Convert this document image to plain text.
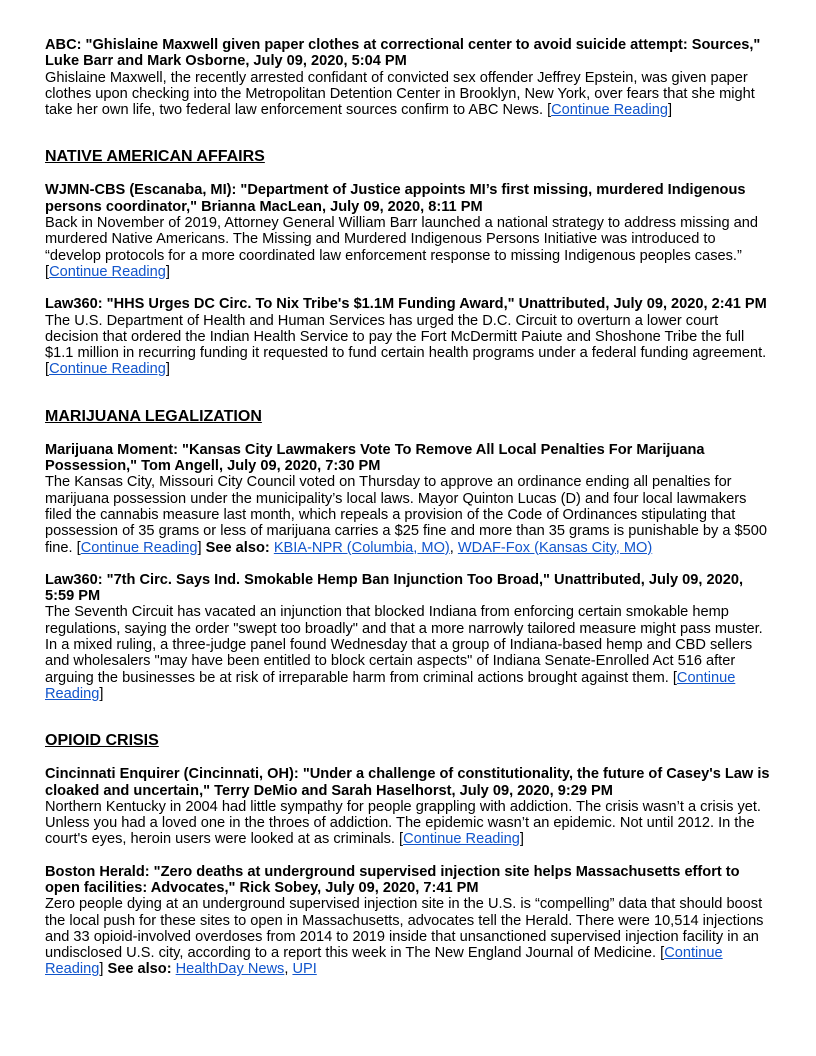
ABC: "Ghislaine Maxwell given paper clothes at correctional center to avoid suicide attempt: Sources," Luke Barr and Mark Osborne, July 09, 2020, 5:04 PM
Ghislaine Maxwell, the recently arrested confidant of convicted sex offender Jeffrey Epstein, was given paper clothes upon checking into the Metropolitan Detention Center in Brooklyn, New York, over fears that she might take her own life, two federal law enforcement sources confirm to ABC News. [Continue Reading]
NATIVE AMERICAN AFFAIRS
WJMN-CBS (Escanaba, MI): "Department of Justice appoints MI’s first missing, murdered Indigenous persons coordinator," Brianna MacLean, July 09, 2020, 8:11 PM
Back in November of 2019, Attorney General William Barr launched a national strategy to address missing and murdered Native Americans. The Missing and Murdered Indigenous Persons Initiative was introduced to “develop protocols for a more coordinated law enforcement response to missing Indigenous peoples cases.” [Continue Reading]
Law360: "HHS Urges DC Circ. To Nix Tribe's $1.1M Funding Award," Unattributed, July 09, 2020, 2:41 PM
The U.S. Department of Health and Human Services has urged the D.C. Circuit to overturn a lower court decision that ordered the Indian Health Service to pay the Fort McDermitt Paiute and Shoshone Tribe the full $1.1 million in recurring funding it requested to fund certain health programs under a federal funding agreement. [Continue Reading]
MARIJUANA LEGALIZATION
Marijuana Moment: "Kansas City Lawmakers Vote To Remove All Local Penalties For Marijuana Possession," Tom Angell, July 09, 2020, 7:30 PM
The Kansas City, Missouri City Council voted on Thursday to approve an ordinance ending all penalties for marijuana possession under the municipality’s local laws. Mayor Quinton Lucas (D) and four local lawmakers filed the cannabis measure last month, which repeals a provision of the Code of Ordinances stipulating that possession of 35 grams or less of marijuana carries a $25 fine and more than 35 grams is punishable by a $500 fine. [Continue Reading] See also: KBIA-NPR (Columbia, MO), WDAF-Fox (Kansas City, MO)
Law360: "7th Circ. Says Ind. Smokable Hemp Ban Injunction Too Broad," Unattributed, July 09, 2020, 5:59 PM
The Seventh Circuit has vacated an injunction that blocked Indiana from enforcing certain smokable hemp regulations, saying the order "swept too broadly" and that a more narrowly tailored measure might pass muster. In a mixed ruling, a three-judge panel found Wednesday that a group of Indiana-based hemp and CBD sellers and wholesalers "may have been entitled to block certain aspects" of Indiana Senate-Enrolled Act 516 after arguing the businesses be at risk of irreparable harm from criminal actions brought against them. [Continue Reading]
OPIOID CRISIS
Cincinnati Enquirer (Cincinnati, OH): "Under a challenge of constitutionality, the future of Casey's Law is cloaked and uncertain," Terry DeMio and Sarah Haselhorst, July 09, 2020, 9:29 PM
Northern Kentucky in 2004 had little sympathy for people grappling with addiction. The crisis wasn’t a crisis yet. Unless you had a loved one in the throes of addiction. The epidemic wasn’t an epidemic. Not until 2012. In the court's eyes, heroin users were looked at as criminals. [Continue Reading]
Boston Herald: "Zero deaths at underground supervised injection site helps Massachusetts effort to open facilities: Advocates," Rick Sobey, July 09, 2020, 7:41 PM
Zero people dying at an underground supervised injection site in the U.S. is “compelling” data that should boost the local push for these sites to open in Massachusetts, advocates tell the Herald. There were 10,514 injections and 33 opioid-involved overdoses from 2014 to 2019 inside that unsanctioned supervised injection facility in an undisclosed U.S. city, according to a report this week in The New England Journal of Medicine. [Continue Reading] See also: HealthDay News, UPI
